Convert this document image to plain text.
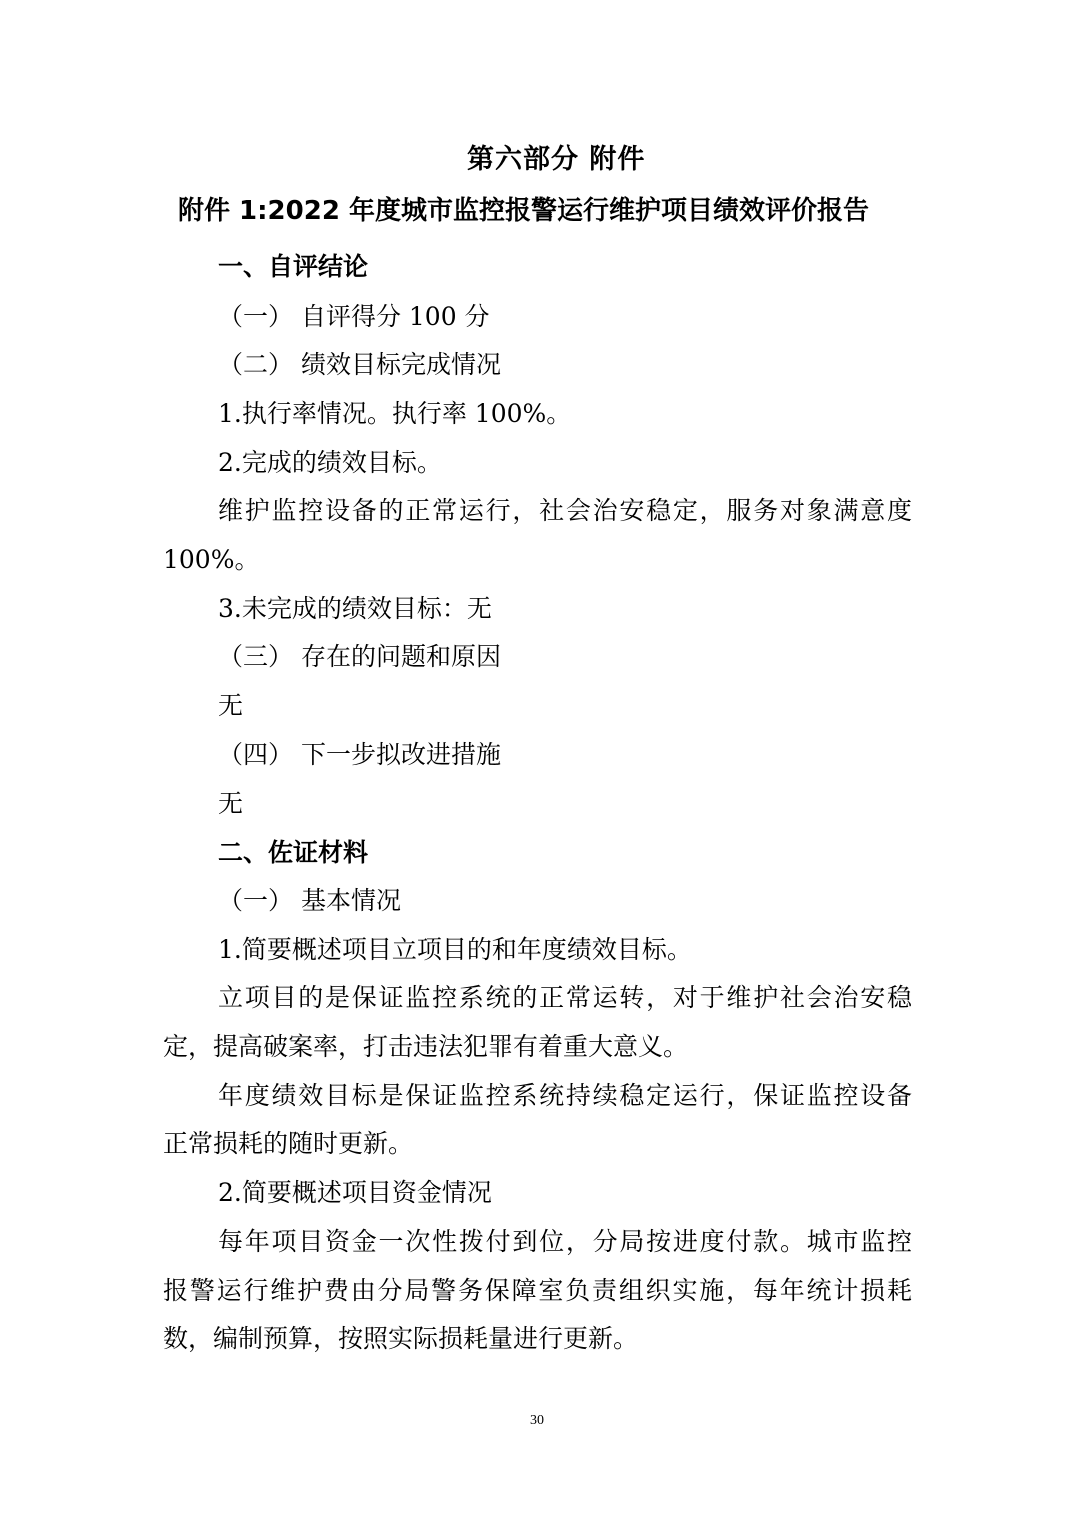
第六部分 附件
附件 1:2022 年度城市监控报警运行维护项目绩效评价报告
一、自评结论
（一） 自评得分 100 分
（二） 绩效目标完成情况
1.执行率情况。执行率 100%。
2.完成的绩效目标。
维护监控设备的正常运行，社会治安稳定，服务对象满意度
100%。
3.未完成的绩效目标：无
（三） 存在的问题和原因
无
（四） 下一步拟改进措施
无
二、佐证材料
（一） 基本情况
1.简要概述项目立项目的和年度绩效目标。
立项目的是保证监控系统的正常运转，对于维护社会治安稳
定，提高破案率，打击违法犯罪有着重大意义。
年度绩效目标是保证监控系统持续稳定运行，保证监控设备
正常损耗的随时更新。
2.简要概述项目资金情况
每年项目资金一次性拨付到位，分局按进度付款。城市监控
报警运行维护费由分局警务保障室负责组织实施，每年统计损耗
数，编制预算，按照实际损耗量进行更新。
30
